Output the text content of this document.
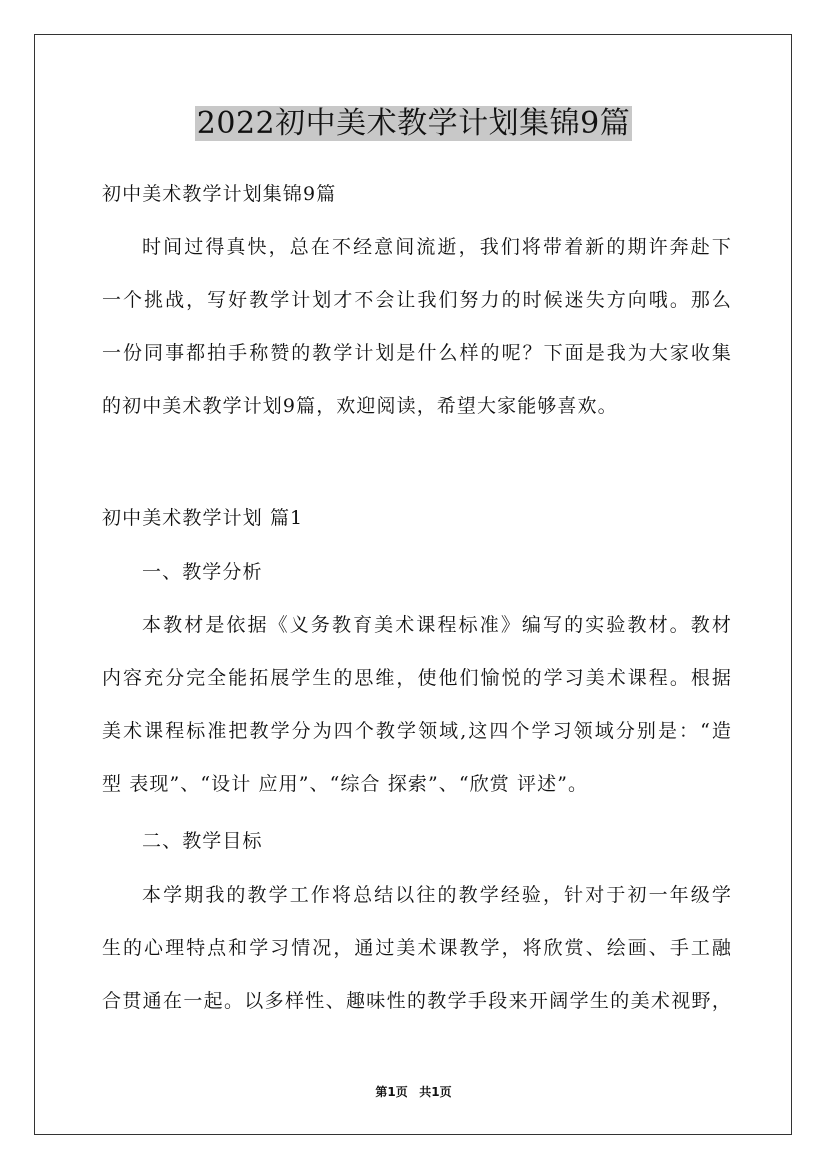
2022初中美术教学计划集锦9篇
初中美术教学计划集锦9篇
时间过得真快，总在不经意间流逝，我们将带着新的期许奔赴下
一个挑战，写好教学计划才不会让我们努力的时候迷失方向哦。那么
一份同事都拍手称赞的教学计划是什么样的呢？下面是我为大家收集
的初中美术教学计划9篇，欢迎阅读，希望大家能够喜欢。
初中美术教学计划 篇1
一、教学分析
本教材是依据《义务教育美术课程标准》编写的实验教材。教材
内容充分完全能拓展学生的思维，使他们愉悦的学习美术课程。根据
美术课程标准把教学分为四个教学领域,这四个学习领域分别是：“造
型 表现”、“设计 应用”、“综合 探索”、“欣赏 评述”。
二、教学目标
本学期我的教学工作将总结以往的教学经验，针对于初一年级学
生的心理特点和学习情况，通过美术课教学，将欣赏、绘画、手工融
合贯通在一起。以多样性、趣味性的教学手段来开阔学生的美术视野，
第1页 共1页
